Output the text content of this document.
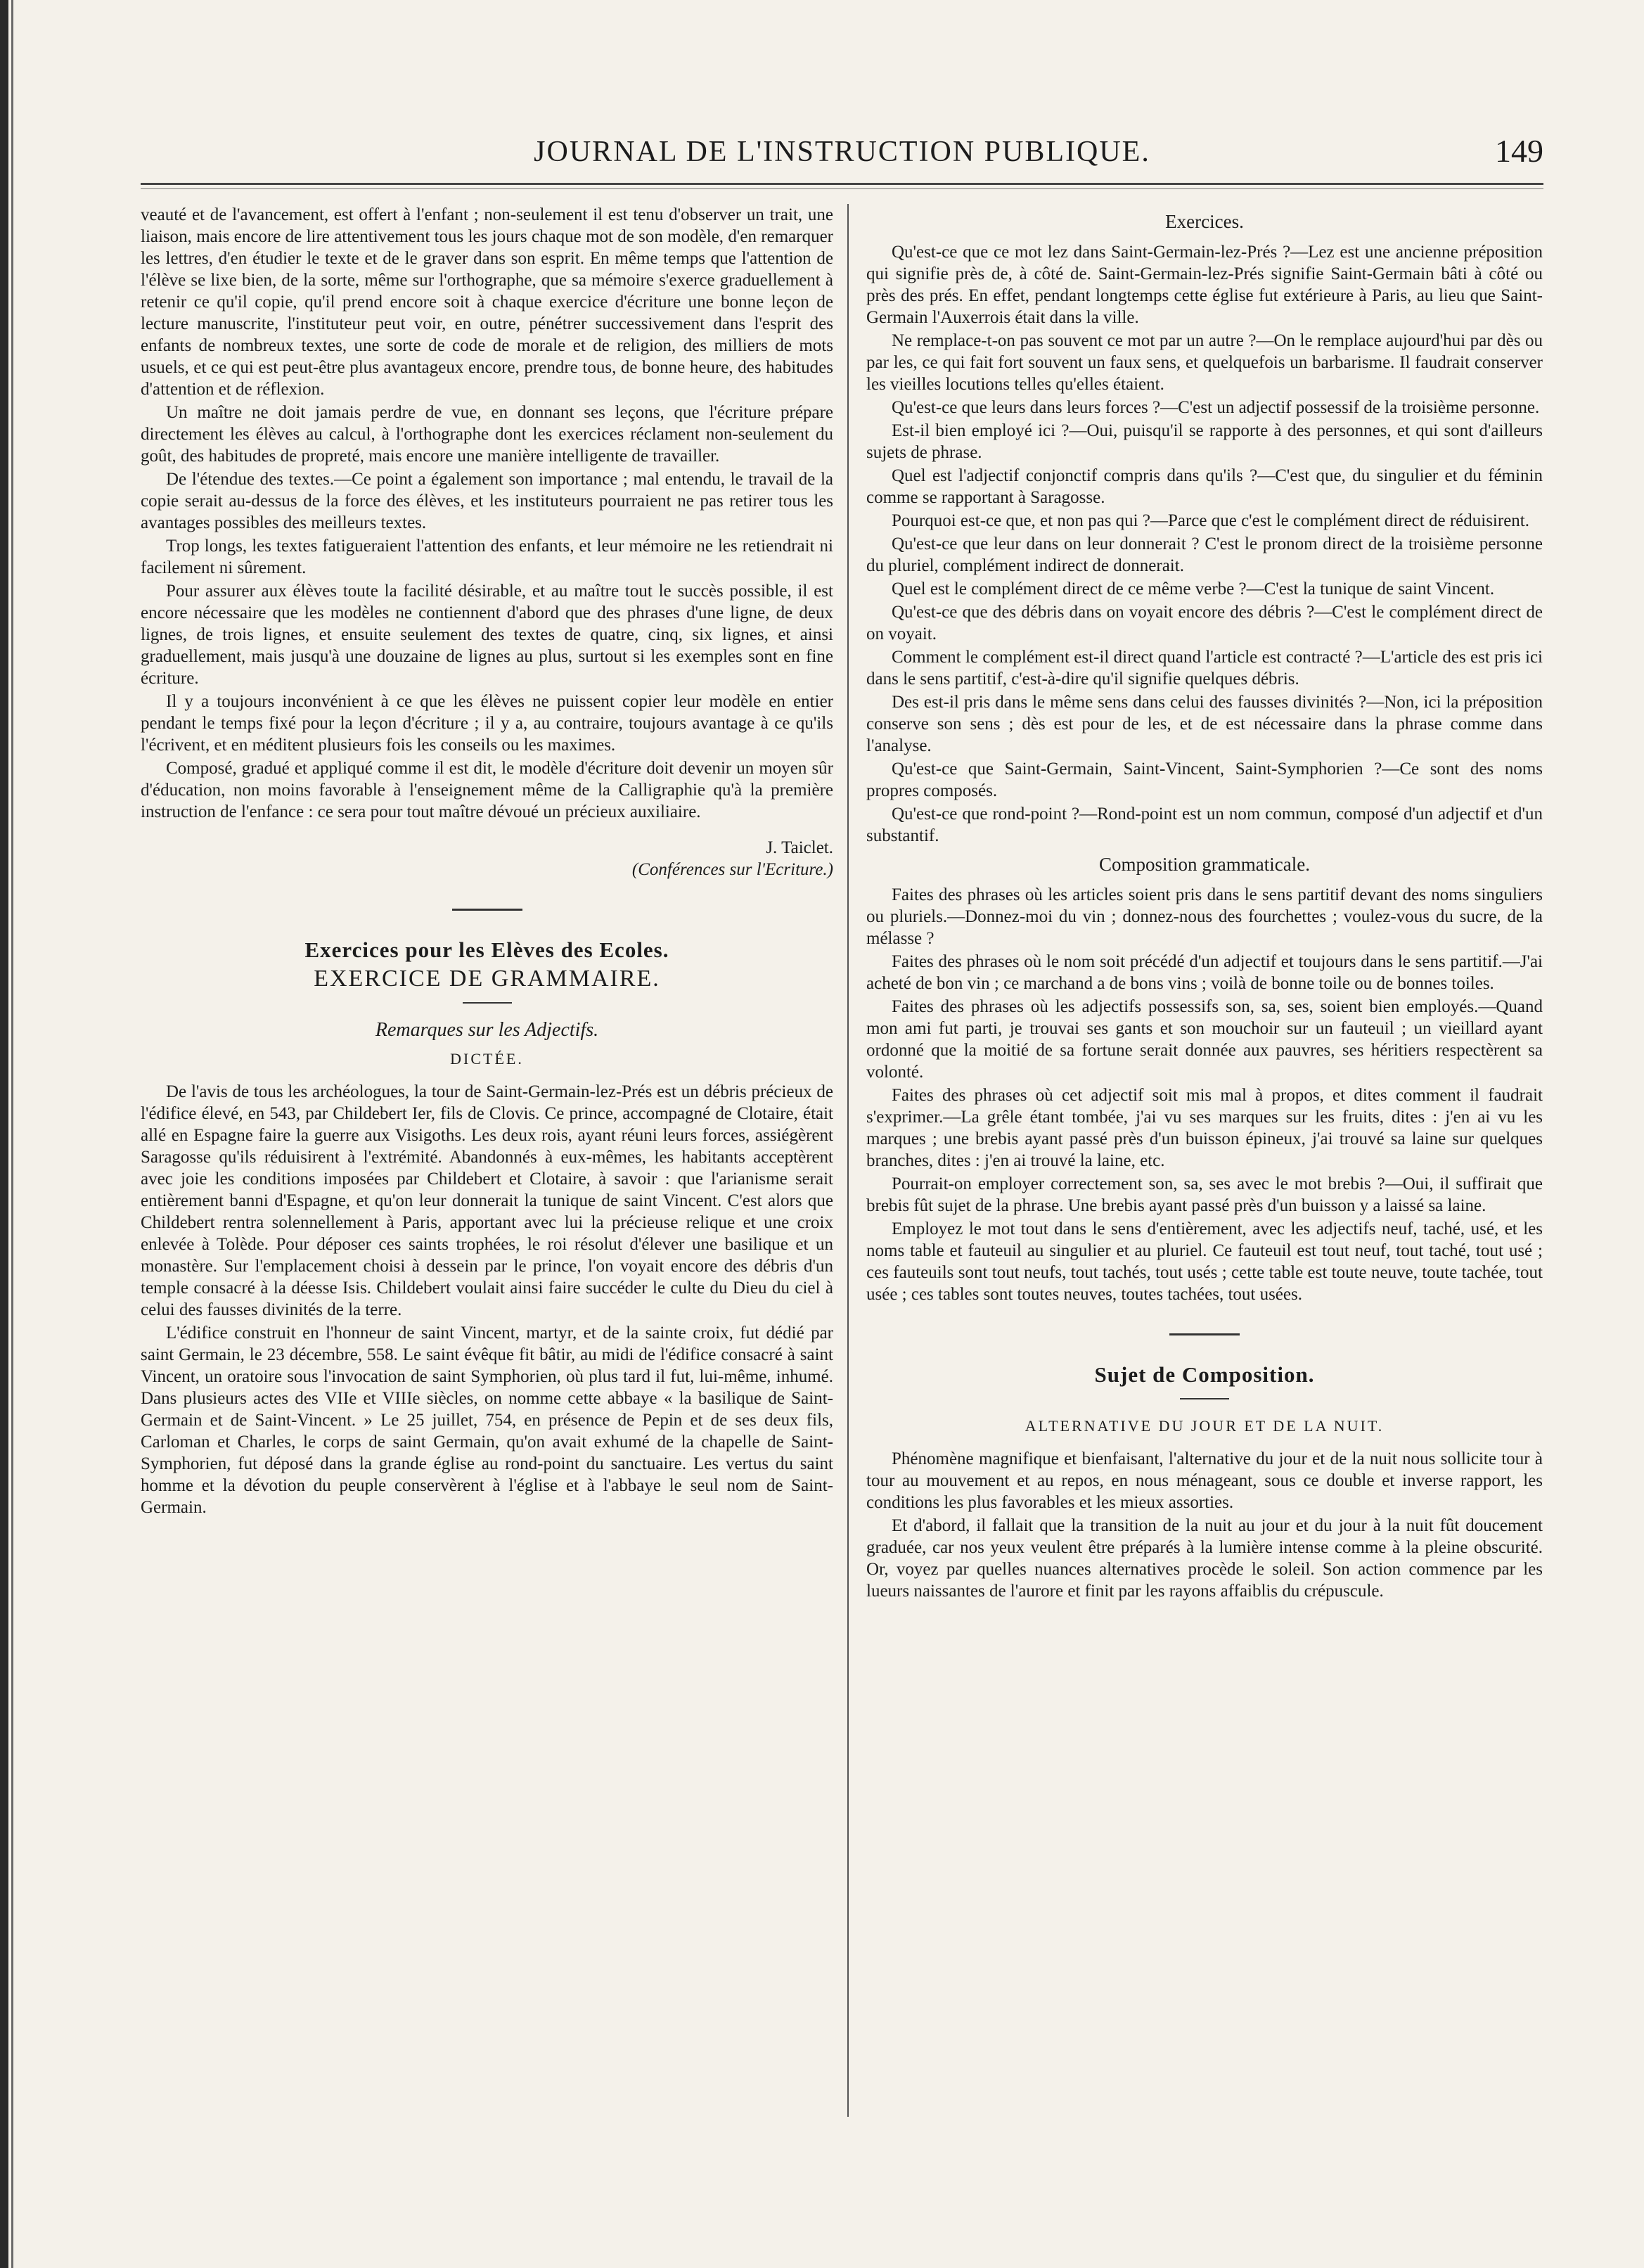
JOURNAL DE L'INSTRUCTION PUBLIQUE.	149

veauté et de l'avancement, est offert à l'enfant ; non-seulement il est tenu d'observer un trait, une liaison, mais encore de lire attentivement tous les jours chaque mot de son modèle, d'en remarquer les lettres, d'en étudier le texte et de le graver dans son esprit. En même temps que l'attention de l'élève se lixe bien, de la sorte, même sur l'orthographe, que sa mémoire s'exerce graduellement à retenir ce qu'il copie, qu'il prend encore soit à chaque exercice d'écriture une bonne leçon de lecture manuscrite, l'instituteur peut voir, en outre, pénétrer successivement dans l'esprit des enfants de nombreux textes, une sorte de code de morale et de religion, des milliers de mots usuels, et ce qui est peut-être plus avantageux encore, prendre tous, de bonne heure, des habitudes d'attention et de réflexion.

Un maître ne doit jamais perdre de vue, en donnant ses leçons, que l'écriture prépare directement les élèves au calcul, à l'orthographe dont les exercices réclament non-seulement du goût, des habitudes de propreté, mais encore une manière intelligente de travailler.

De l'étendue des textes.—Ce point a également son importance ; mal entendu, le travail de la copie serait au-dessus de la force des élèves, et les instituteurs pourraient ne pas retirer tous les avantages possibles des meilleurs textes.

Trop longs, les textes fatigueraient l'attention des enfants, et leur mémoire ne les retiendrait ni facilement ni sûrement.

Pour assurer aux élèves toute la facilité désirable, et au maître tout le succès possible, il est encore nécessaire que les modèles ne contiennent d'abord que des phrases d'une ligne, de deux lignes, de trois lignes, et ensuite seulement des textes de quatre, cinq, six lignes, et ainsi graduellement, mais jusqu'à une douzaine de lignes au plus, surtout si les exemples sont en fine écriture.

Il y a toujours inconvénient à ce que les élèves ne puissent copier leur modèle en entier pendant le temps fixé pour la leçon d'écriture ; il y a, au contraire, toujours avantage à ce qu'ils l'écrivent, et en méditent plusieurs fois les conseils ou les maximes.

Composé, gradué et appliqué comme il est dit, le modèle d'écriture doit devenir un moyen sûr d'éducation, non moins favorable à l'enseignement même de la Calligraphie qu'à la première instruction de l'enfance : ce sera pour tout maître dévoué un précieux auxiliaire.

J. Taiclet.

(Conférences sur l'Ecriture.)

Exercices pour les Elèves des Ecoles.
EXERCICE DE GRAMMAIRE.
Remarques sur les Adjectifs.
DICTÉE.

De l'avis de tous les archéologues, la tour de Saint-Germain-lez-Prés est un débris précieux de l'édifice élevé, en 543, par Childebert Ier, fils de Clovis. Ce prince, accompagné de Clotaire, était allé en Espagne faire la guerre aux Visigoths. Les deux rois, ayant réuni leurs forces, assiégèrent Saragosse qu'ils réduisirent à l'extrémité. Abandonnés à eux-mêmes, les habitants acceptèrent avec joie les conditions imposées par Childebert et Clotaire, à savoir : que l'arianisme serait entièrement banni d'Espagne, et qu'on leur donnerait la tunique de saint Vincent. C'est alors que Childebert rentra solennellement à Paris, apportant avec lui la précieuse relique et une croix enlevée à Tolède. Pour déposer ces saints trophées, le roi résolut d'élever une basilique et un monastère. Sur l'emplacement choisi à dessein par le prince, l'on voyait encore des débris d'un temple consacré à la déesse Isis. Childebert voulait ainsi faire succéder le culte du Dieu du ciel à celui des fausses divinités de la terre.

L'édifice construit en l'honneur de saint Vincent, martyr, et de la sainte croix, fut dédié par saint Germain, le 23 décembre, 558. Le saint évêque fit bâtir, au midi de l'édifice consacré à saint Vincent, un oratoire sous l'invocation de saint Symphorien, où plus tard il fut, lui-même, inhumé. Dans plusieurs actes des VIIe et VIIIe siècles, on nomme cette abbaye « la basilique de Saint-Germain et de Saint-Vincent. » Le 25 juillet, 754, en présence de Pepin et de ses deux fils, Carloman et Charles, le corps de saint Germain, qu'on avait exhumé de la chapelle de Saint-Symphorien, fut déposé dans la grande église au rond-point du sanctuaire. Les vertus du saint homme et la dévotion du peuple conservèrent à l'église et à l'abbaye le seul nom de Saint-Germain.

Exercices.

Qu'est-ce que ce mot lez dans Saint-Germain-lez-Prés ?—Lez est une ancienne préposition qui signifie près de, à côté de. Saint-Germain-lez-Prés signifie Saint-Germain bâti à côté ou près des prés. En effet, pendant longtemps cette église fut extérieure à Paris, au lieu que Saint-Germain l'Auxerrois était dans la ville.

Ne remplace-t-on pas souvent ce mot par un autre ?—On le remplace aujourd'hui par dès ou par les, ce qui fait fort souvent un faux sens, et quelquefois un barbarisme. Il faudrait conserver les vieilles locutions telles qu'elles étaient.

Qu'est-ce que leurs dans leurs forces ?—C'est un adjectif possessif de la troisième personne.

Est-il bien employé ici ?—Oui, puisqu'il se rapporte à des personnes, et qui sont d'ailleurs sujets de phrase.

Quel est l'adjectif conjonctif compris dans qu'ils ?—C'est que, du singulier et du féminin comme se rapportant à Saragosse.

Pourquoi est-ce que, et non pas qui ?—Parce que c'est le complément direct de réduisirent.

Qu'est-ce que leur dans on leur donnerait ? C'est le pronom direct de la troisième personne du pluriel, complément indirect de donnerait.

Quel est le complément direct de ce même verbe ?—C'est la tunique de saint Vincent.

Qu'est-ce que des débris dans on voyait encore des débris ?—C'est le complément direct de on voyait.

Comment le complément est-il direct quand l'article est contracté ?—L'article des est pris ici dans le sens partitif, c'est-à-dire qu'il signifie quelques débris.

Des est-il pris dans le même sens dans celui des fausses divinités ?—Non, ici la préposition conserve son sens ; dès est pour de les, et de est nécessaire dans la phrase comme dans l'analyse.

Qu'est-ce que Saint-Germain, Saint-Vincent, Saint-Symphorien ?—Ce sont des noms propres composés.

Qu'est-ce que rond-point ?—Rond-point est un nom commun, composé d'un adjectif et d'un substantif.

Composition grammaticale.

Faites des phrases où les articles soient pris dans le sens partitif devant des noms singuliers ou pluriels.—Donnez-moi du vin ; donnez-nous des fourchettes ; voulez-vous du sucre, de la mélasse ?

Faites des phrases où le nom soit précédé d'un adjectif et toujours dans le sens partitif.—J'ai acheté de bon vin ; ce marchand a de bons vins ; voilà de bonne toile ou de bonnes toiles.

Faites des phrases où les adjectifs possessifs son, sa, ses, soient bien employés.—Quand mon ami fut parti, je trouvai ses gants et son mouchoir sur un fauteuil ; un vieillard ayant ordonné que la moitié de sa fortune serait donnée aux pauvres, ses héritiers respectèrent sa volonté.

Faites des phrases où cet adjectif soit mis mal à propos, et dites comment il faudrait s'exprimer.—La grêle étant tombée, j'ai vu ses marques sur les fruits, dites : j'en ai vu les marques ; une brebis ayant passé près d'un buisson épineux, j'ai trouvé sa laine sur quelques branches, dites : j'en ai trouvé la laine, etc.

Pourrait-on employer correctement son, sa, ses avec le mot brebis ?—Oui, il suffirait que brebis fût sujet de la phrase. Une brebis ayant passé près d'un buisson y a laissé sa laine.

Employez le mot tout dans le sens d'entièrement, avec les adjectifs neuf, taché, usé, et les noms table et fauteuil au singulier et au pluriel. Ce fauteuil est tout neuf, tout taché, tout usé ; ces fauteuils sont tout neufs, tout tachés, tout usés ; cette table est toute neuve, toute tachée, tout usée ; ces tables sont toutes neuves, toutes tachées, tout usées.

Sujet de Composition.
ALTERNATIVE DU JOUR ET DE LA NUIT.

Phénomène magnifique et bienfaisant, l'alternative du jour et de la nuit nous sollicite tour à tour au mouvement et au repos, en nous ménageant, sous ce double et inverse rapport, les conditions les plus favorables et les mieux assorties.

Et d'abord, il fallait que la transition de la nuit au jour et du jour à la nuit fût doucement graduée, car nos yeux veulent être préparés à la lumière intense comme à la pleine obscurité. Or, voyez par quelles nuances alternatives procède le soleil. Son action commence par les lueurs naissantes de l'aurore et finit par les rayons affaiblis du crépuscule.
